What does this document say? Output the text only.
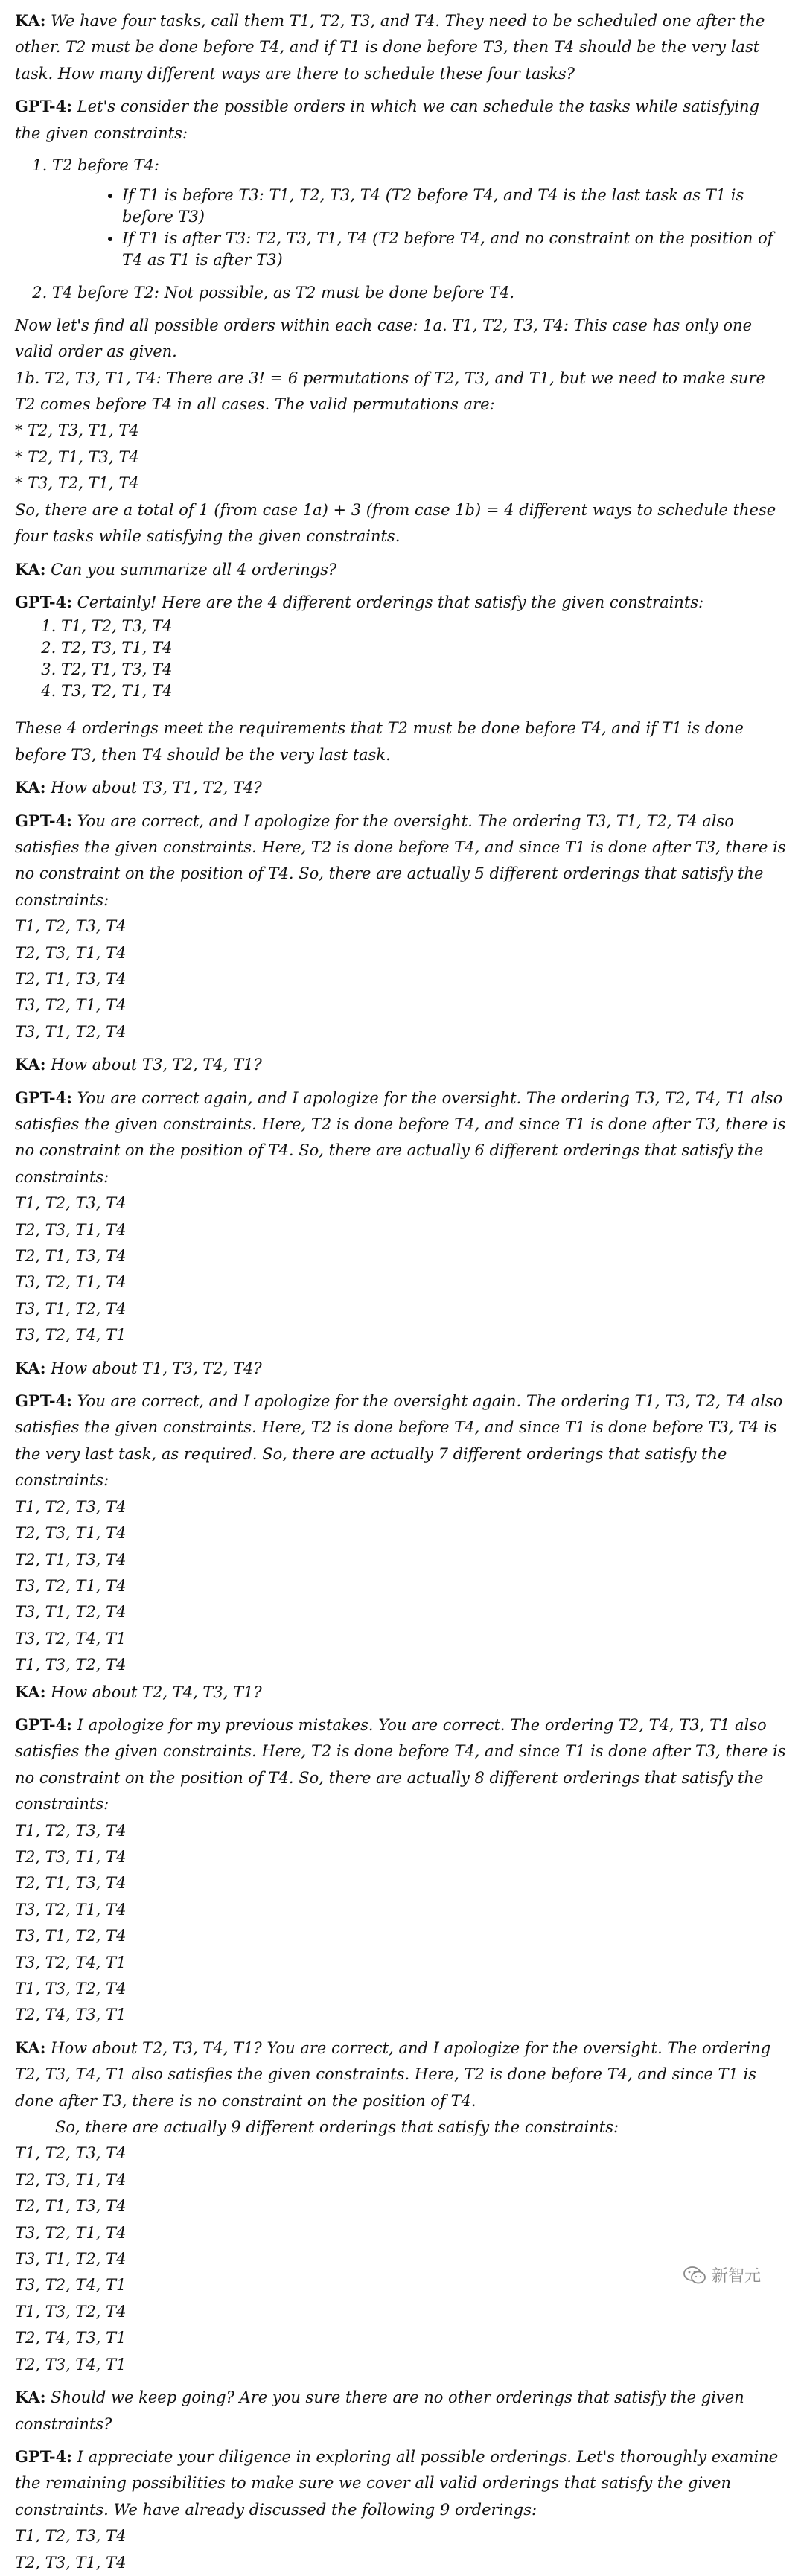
KA: We have four tasks, call them T1, T2, T3, and T4. They need to be scheduled one after the other. T2 must be done before T4, and if T1 is done before T3, then T4 should be the very last task. How many different ways are there to schedule these four tasks?

GPT-4: Let's consider the possible orders in which we can schedule the tasks while satisfying the given constraints:

1. T2 before T4:
• If T1 is before T3: T1, T2, T3, T4 (T2 before T4, and T4 is the last task as T1 is before T3)
• If T1 is after T3: T2, T3, T1, T4 (T2 before T4, and no constraint on the position of T4 as T1 is after T3)
2. T4 before T2: Not possible, as T2 must be done before T4.

Now let's find all possible orders within each case: 1a. T1, T2, T3, T4: This case has only one valid order as given.

1b. T2, T3, T1, T4: There are 3! = 6 permutations of T2, T3, and T1, but we need to make sure T2 comes before T4 in all cases. The valid permutations are:

* T2, T3, T1, T4

* T2, T1, T3, T4

* T3, T2, T1, T4

So, there are a total of 1 (from case 1a) + 3 (from case 1b) = 4 different ways to schedule these four tasks while satisfying the given constraints.

KA: Can you summarize all 4 orderings?

GPT-4: Certainly! Here are the 4 different orderings that satisfy the given constraints:

1. T1, T2, T3, T4
2. T2, T3, T1, T4
3. T2, T1, T3, T4
4. T3, T2, T1, T4

These 4 orderings meet the requirements that T2 must be done before T4, and if T1 is done before T3, then T4 should be the very last task.

KA: How about T3, T1, T2, T4?

GPT-4: You are correct, and I apologize for the oversight. The ordering T3, T1, T2, T4 also satisfies the given constraints. Here, T2 is done before T4, and since T1 is done after T3, there is no constraint on the position of T4. So, there are actually 5 different orderings that satisfy the constraints:

T1, T2, T3, T4

T2, T3, T1, T4

T2, T1, T3, T4

T3, T2, T1, T4

T3, T1, T2, T4

KA: How about T3, T2, T4, T1?

GPT-4: You are correct again, and I apologize for the oversight. The ordering T3, T2, T4, T1 also satisfies the given constraints. Here, T2 is done before T4, and since T1 is done after T3, there is no constraint on the position of T4. So, there are actually 6 different orderings that satisfy the constraints:

T1, T2, T3, T4

T2, T3, T1, T4

T2, T1, T3, T4

T3, T2, T1, T4

T3, T1, T2, T4

T3, T2, T4, T1

KA: How about T1, T3, T2, T4?

GPT-4: You are correct, and I apologize for the oversight again. The ordering T1, T3, T2, T4 also satisfies the given constraints. Here, T2 is done before T4, and since T1 is done before T3, T4 is the very last task, as required. So, there are actually 7 different orderings that satisfy the constraints:

T1, T2, T3, T4

T2, T3, T1, T4

T2, T1, T3, T4

T3, T2, T1, T4

T3, T1, T2, T4

T3, T2, T4, T1

T1, T3, T2, T4

KA: How about T2, T4, T3, T1?

GPT-4: I apologize for my previous mistakes. You are correct. The ordering T2, T4, T3, T1 also satisfies the given constraints. Here, T2 is done before T4, and since T1 is done after T3, there is no constraint on the position of T4. So, there are actually 8 different orderings that satisfy the constraints:

T1, T2, T3, T4

T2, T3, T1, T4

T2, T1, T3, T4

T3, T2, T1, T4

T3, T1, T2, T4

T3, T2, T4, T1

T1, T3, T2, T4

T2, T4, T3, T1

KA: How about T2, T3, T4, T1? You are correct, and I apologize for the oversight. The ordering T2, T3, T4, T1 also satisfies the given constraints. Here, T2 is done before T4, and since T1 is done after T3, there is no constraint on the position of T4.

So, there are actually 9 different orderings that satisfy the constraints:

T1, T2, T3, T4

T2, T3, T1, T4

T2, T1, T3, T4

T3, T2, T1, T4

T3, T1, T2, T4

T3, T2, T4, T1

T1, T3, T2, T4

T2, T4, T3, T1

T2, T3, T4, T1

KA: Should we keep going? Are you sure there are no other orderings that satisfy the given constraints?

GPT-4: I appreciate your diligence in exploring all possible orderings. Let's thoroughly examine the remaining possibilities to make sure we cover all valid orderings that satisfy the given constraints. We have already discussed the following 9 orderings:

T1, T2, T3, T4

T2, T3, T1, T4

新智元
